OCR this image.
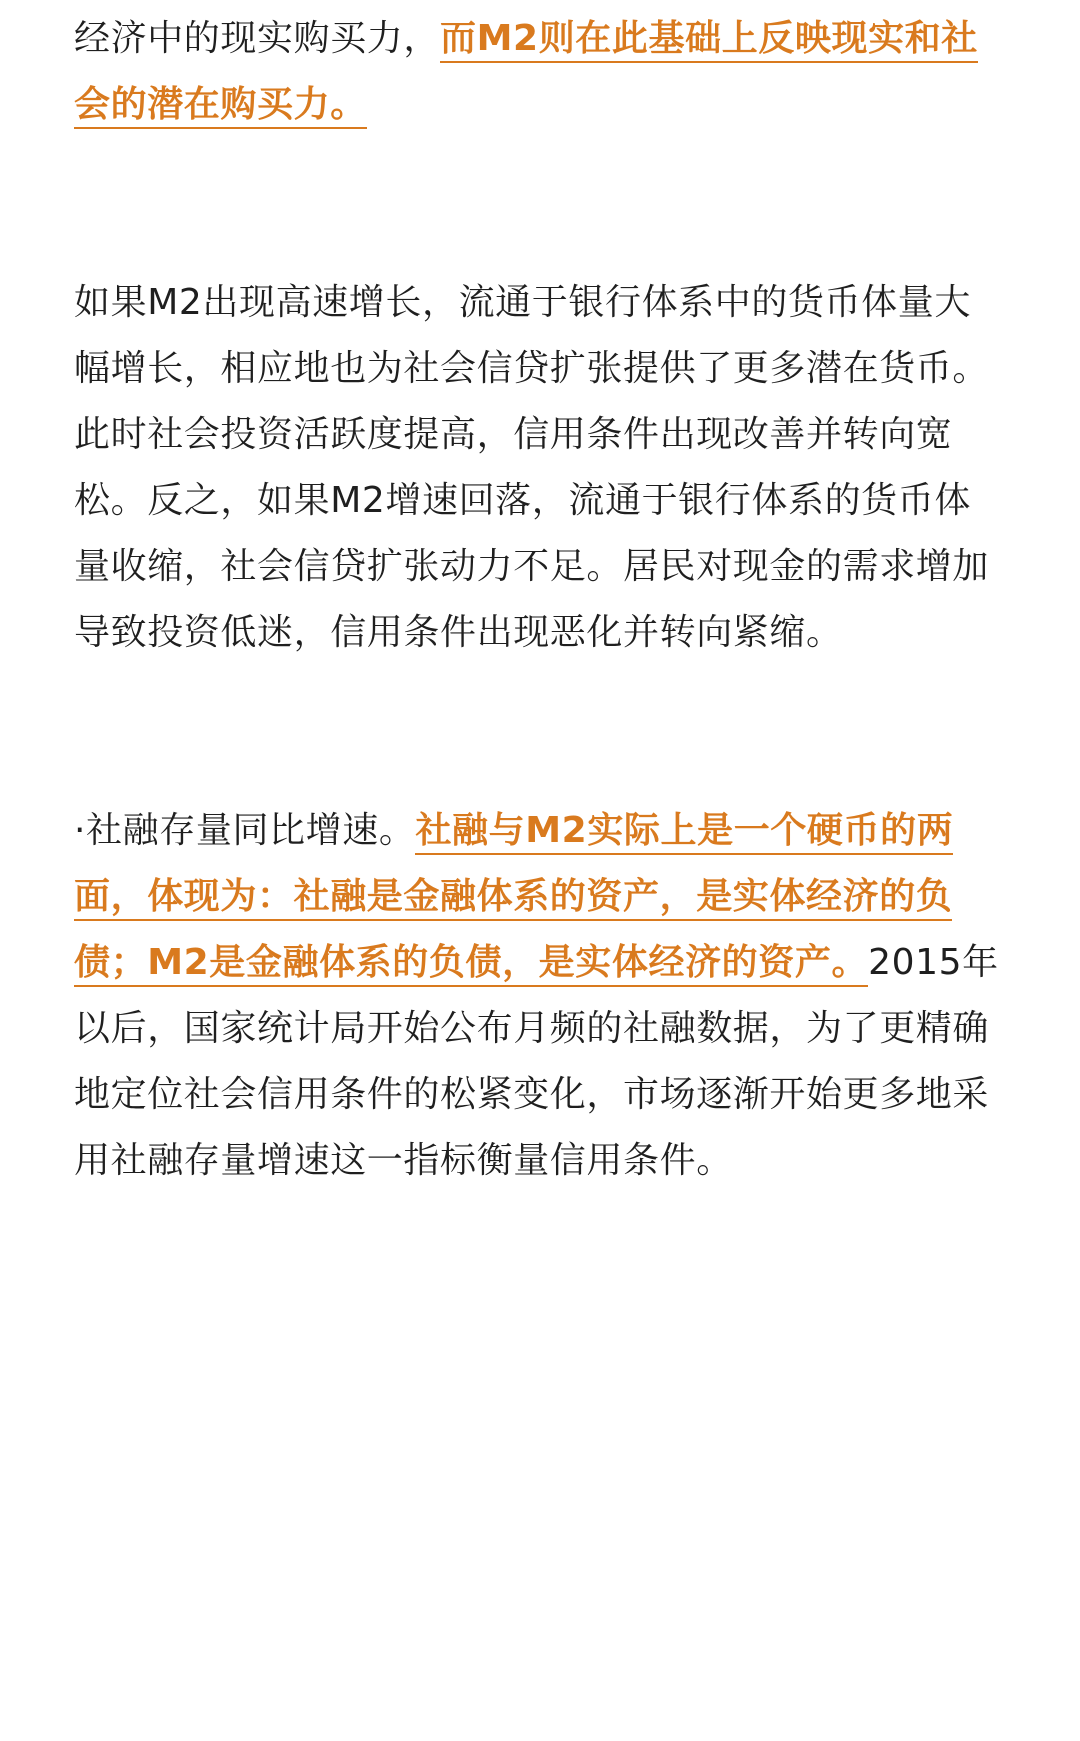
经济中的现实购买力，而M2则在此基础上反映现实和社会的潜在购买力。

如果M2出现高速增长，流通于银行体系中的货币体量大幅增长，相应地也为社会信贷扩张提供了更多潜在货币。此时社会投资活跃度提高，信用条件出现改善并转向宽松。反之，如果M2增速回落，流通于银行体系的货币体量收缩，社会信贷扩张动力不足。居民对现金的需求增加导致投资低迷，信用条件出现恶化并转向紧缩。

·社融存量同比增速。社融与M2实际上是一个硬币的两面，体现为：社融是金融体系的资产，是实体经济的负债；M2是金融体系的负债，是实体经济的资产。2015年以后，国家统计局开始公布月频的社融数据，为了更精确地定位社会信用条件的松紧变化，市场逐渐开始更多地采用社融存量增速这一指标衡量信用条件。
